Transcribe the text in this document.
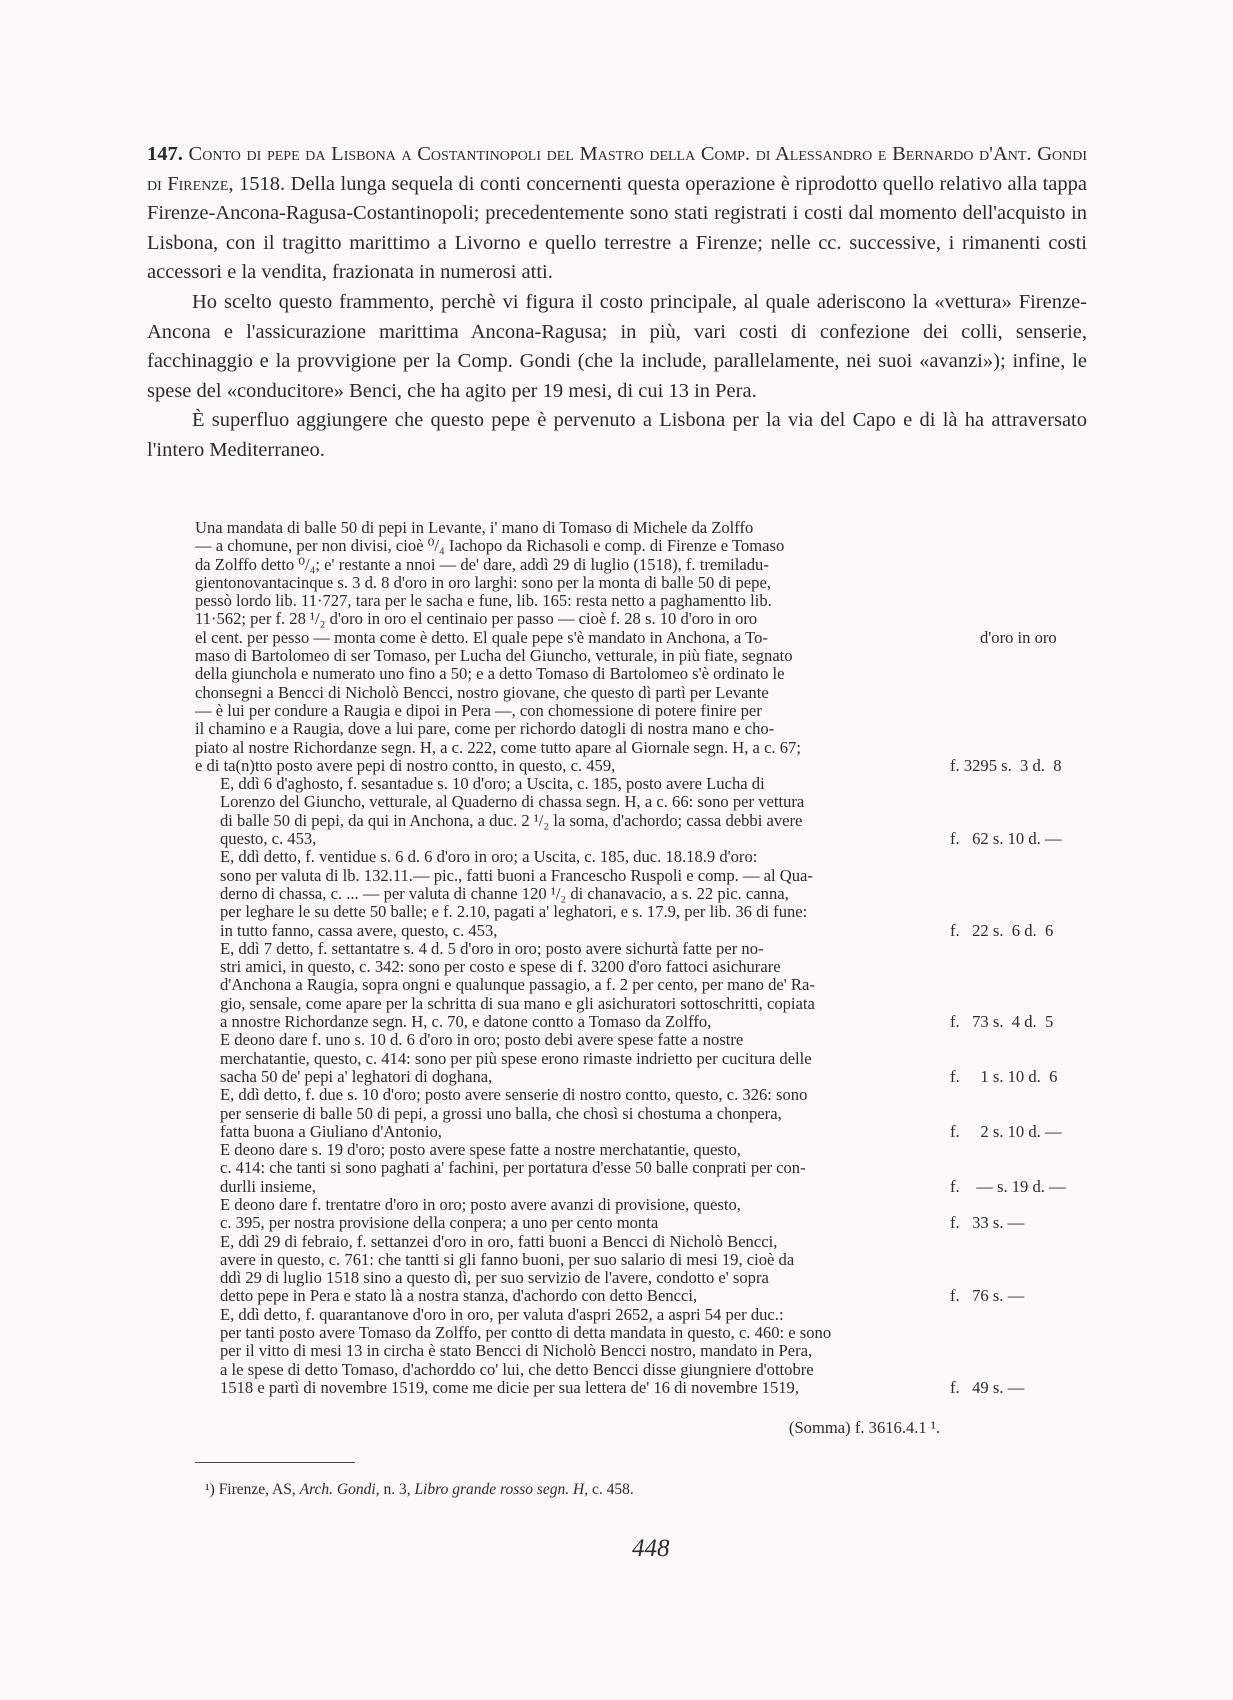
147. Conto di pepe da Lisbona a Costantinopoli del Mastro della Comp. di Alessandro e Bernardo d'Ant. Gondi di Firenze, 1518. Della lunga sequela di conti concernenti questa operazione è riprodotto quello relativo alla tappa Firenze-Ancona-Ragusa-Costantinopoli; precedentemente sono stati registrati i costi dal momento dell'acquisto in Lisbona, con il tragitto marittimo a Livorno e quello terrestre a Firenze; nelle cc. successive, i rimanenti costi accessori e la vendita, frazionata in numerosi atti.

Ho scelto questo frammento, perchè vi figura il costo principale, al quale aderiscono la «vettura» Firenze-Ancona e l'assicurazione marittima Ancona-Ragusa; in più, vari costi di confezione dei colli, senserie, facchinaggio e la provvigione per la Comp. Gondi (che la include, parallelamente, nei suoi «avanzi»); infine, le spese del «conducitore» Benci, che ha agito per 19 mesi, di cui 13 in Pera.

È superfluo aggiungere che questo pepe è pervenuto a Lisbona per la via del Capo e di là ha attraversato l'intero Mediterraneo.

d'oro in oro
Una mandata di balle 50 di pepi in Levante, i' mano di Tomaso di Michele da Zolffo
— a chomune, per non divisi, cioè ⁰/₄ Iachopo da Richasoli e comp. di Firenze e Tomaso
da Zolffo detto ⁰/₄; e' restante a nnoi — de' dare, addì 29 di luglio (1518), f. tremiladu-
gientonovantacinque s. 3 d. 8 d'oro in oro larghi: sono per la monta di balle 50 di pepe,
pessò lordo lib. 11·727, tara per le sacha e fune, lib. 165: resta netto a paghamentto lib.
11·562; per f. 28 ¹/₂ d'oro in oro el centinaio per passo — cioè f. 28 s. 10 d'oro in oro
el cent. per pesso — monta come è detto. El quale pepe s'è mandato in Anchona, a To-
maso di Bartolomeo di ser Tomaso, per Lucha del Giuncho, vetturale, in più fiate, segnato
della giunchola e numerato uno fino a 50; e a detto Tomaso di Bartolomeo s'è ordinato le
chonsegni a Bencci di Nicholò Bencci, nostro giovane, che questo dì partì per Levante
— è lui per condure a Raugia e dipoi in Pera —, con chomessione di potere finire per
il chamino e a Raugia, dove a lui pare, come per richordo datogli di nostra mano e cho-
piato al nostre Richordanze segn. H, a c. 222, come tutto apare al Giornale segn. H, a c. 67;
e di ta(n)tto posto avere pepi di nostro contto, in questo, c. 459,	f. 3295 s.  3 d.  8
E, ddì 6 d'aghosto, f. sesantadue s. 10 d'oro; a Uscita, c. 185, posto avere Lucha di
Lorenzo del Giuncho, vetturale, al Quaderno di chassa segn. H, a c. 66: sono per vettura
di balle 50 di pepi, da qui in Anchona, a duc. 2 ¹/₂ la soma, d'achordo; cassa debbi avere
questo, c. 453,	f.   62 s. 10 d. —
E, ddì detto, f. ventidue s. 6 d. 6 d'oro in oro; a Uscita, c. 185, duc. 18.18.9 d'oro:
sono per valuta di lb. 132.11.— pic., fatti buoni a Franceschо Ruspoli e comp. — al Qua-
derno di chassa, c. ... — per valuta di channe 120 ¹/₂ di chanavacio, a s. 22 pic. canna,
per leghare le su dette 50 balle; e f. 2.10, pagati a' leghatori, e s. 17.9, per lib. 36 di fune:
in tutto fanno, cassa avere, questo, c. 453,	f.   22 s.  6 d.  6
E, ddì 7 detto, f. settantatre s. 4 d. 5 d'oro in oro; posto avere sichurtà fatte per no-
stri amici, in questo, c. 342: sono per costo e spese di f. 3200 d'oro fattoci asichurare
d'Anchona a Raugia, sopra ongni e qualunque passagio, a f. 2 per cento, per mano de' Ra-
gio, sensale, come apare per la schritta di sua mano e gli asichuratori sottoschritti, copiata
a nnostre Richordanze segn. H, c. 70, e datone contto a Tomaso da Zolffo,	f.   73 s.  4 d.  5
E deono dare f. uno s. 10 d. 6 d'oro in oro; posto debi avere spese fatte a nostre
merchatantie, questo, c. 414: sono per più spese erono rimaste indrietto per cucitura delle
sacha 50 de' pepi a' leghatori di doghana,	f.     1 s. 10 d.  6
E, ddì detto, f. due s. 10 d'oro; posto avere senserie di nostro contto, questo, c. 326: sono
per senserie di balle 50 di pepi, a grossi uno balla, che chosì si chostuma a chonpera,
fatta buona a Giuliano d'Antonio,	f.     2 s. 10 d. —
E deono dare s. 19 d'oro; posto avere spese fatte a nostre merchatantie, questo,
c. 414: che tanti si sono paghati a' fachini, per portatura d'esse 50 balle conprati per con-
durlli insieme,	f.    — s. 19 d. —
E deono dare f. trentatre d'oro in oro; posto avere avanzi di provisione, questo,
c. 395, per nostra provisione della conpera; a uno per cento monta	f.   33 s. —
E, ddì 29 di febraio, f. settanzei d'oro in oro, fatti buoni a Bencci di Nicholò Bencci,
avere in questo, c. 761: che tantti si gli fanno buoni, per suo salario di mesi 19, cioè da
ddì 29 di luglio 1518 sino a questo dì, per suo servizio de l'avere, condotto e' sopra
detto pepe in Pera e stato là a nostra stanza, d'achordo con detto Bencci,	f.   76 s. —
E, ddì detto, f. quarantanove d'oro in oro, per valuta d'aspri 2652, a aspri 54 per duc.:
per tanti posto avere Tomaso da Zolffo, per contto di detta mandata in questo, c. 460: e sono
per il vitto di mesi 13 in circha è stato Bencci di Nicholò Bencci nostro, mandato in Pera,
a le spese di detto Tomaso, d'achorddo co' lui, che detto Bencci disse giungniere d'ottobre
1518 e partì di novembre 1519, come me dicie per sua lettera de' 16 di novembre 1519,	f.   49 s. —
(Somma) f. 3616.4.1 ¹.
¹) Firenze, AS, Arch. Gondi, n. 3, Libro grande rosso segn. H, c. 458.
448
